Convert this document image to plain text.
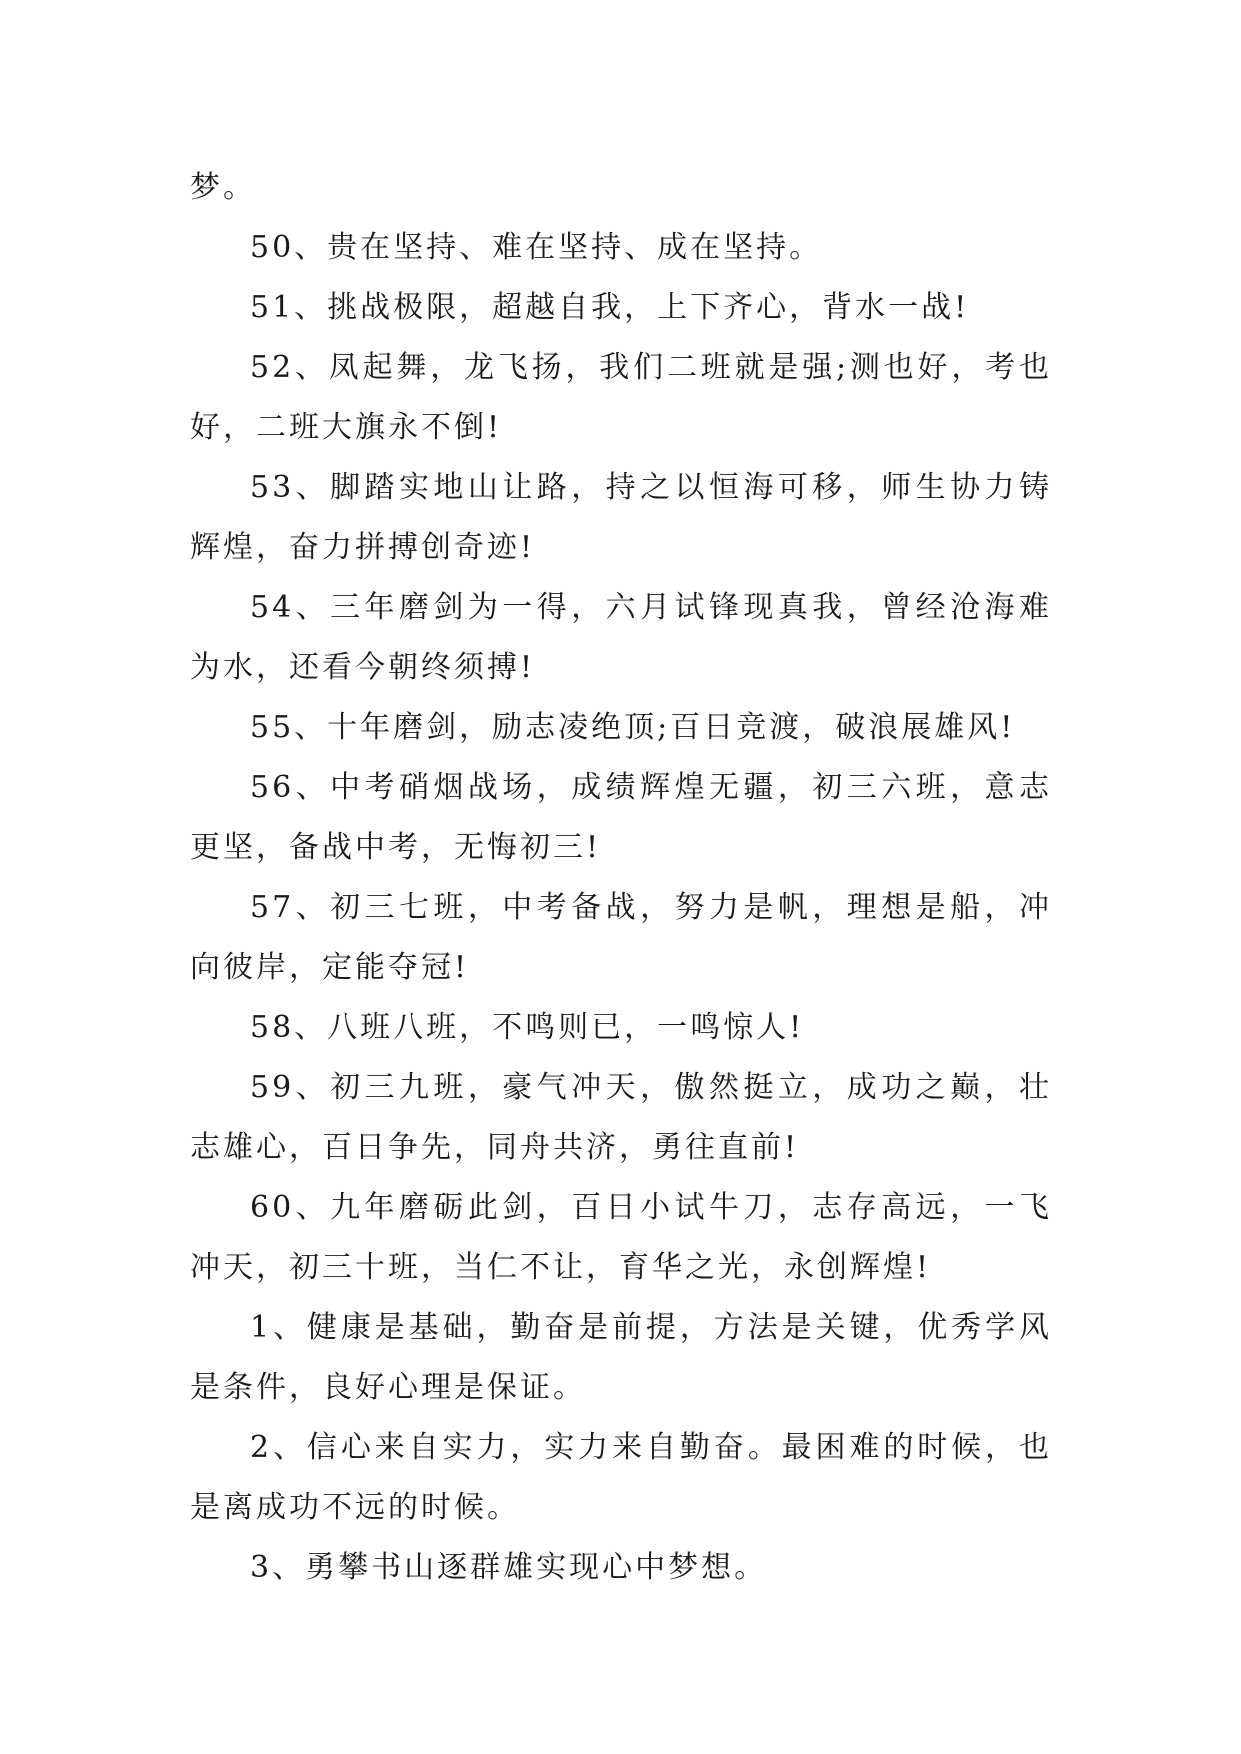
梦。

50、贵在坚持、难在坚持、成在坚持。

51、挑战极限，超越自我，上下齐心，背水一战!

52、凤起舞，龙飞扬，我们二班就是强;测也好，考也好，二班大旗永不倒!

53、脚踏实地山让路，持之以恒海可移，师生协力铸辉煌，奋力拼搏创奇迹!

54、三年磨剑为一得，六月试锋现真我，曾经沧海难为水，还看今朝终须搏!

55、十年磨剑，励志凌绝顶;百日竞渡，破浪展雄风!

56、中考硝烟战场，成绩辉煌无疆，初三六班，意志更坚，备战中考，无悔初三!

57、初三七班，中考备战，努力是帆，理想是船，冲向彼岸，定能夺冠!

58、八班八班，不鸣则已，一鸣惊人!

59、初三九班，豪气冲天，傲然挺立，成功之巅，壮志雄心，百日争先，同舟共济，勇往直前!

60、九年磨砺此剑，百日小试牛刀，志存高远，一飞冲天，初三十班，当仁不让，育华之光，永创辉煌!

1、健康是基础，勤奋是前提，方法是关键，优秀学风是条件，良好心理是保证。

2、信心来自实力，实力来自勤奋。最困难的时候，也是离成功不远的时候。

3、勇攀书山逐群雄实现心中梦想。
